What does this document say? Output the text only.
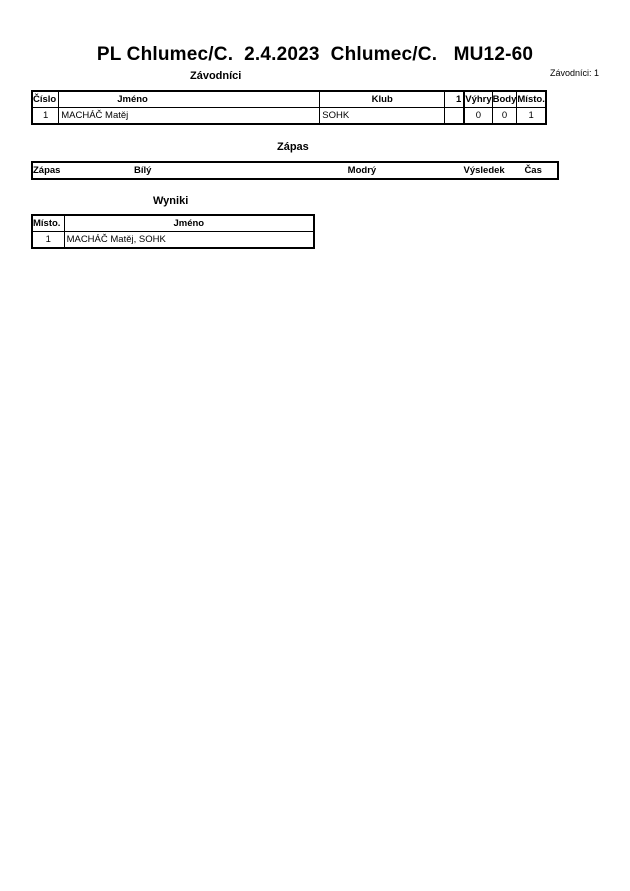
PL Chlumec/C.  2.4.2023  Chlumec/C.   MU12-60
Závodníci: 1
Závodníci
Číslo	Jméno	Klub	1	Výhry	Body	Místo.
1	MACHÁČ Matěj	SOHK		0	0	1
Zápas
Zápas	Bílý	Modrý	Výsledek	Čas
Wyniki
Místo.	Jméno
1	MACHÁČ Matěj, SOHK
